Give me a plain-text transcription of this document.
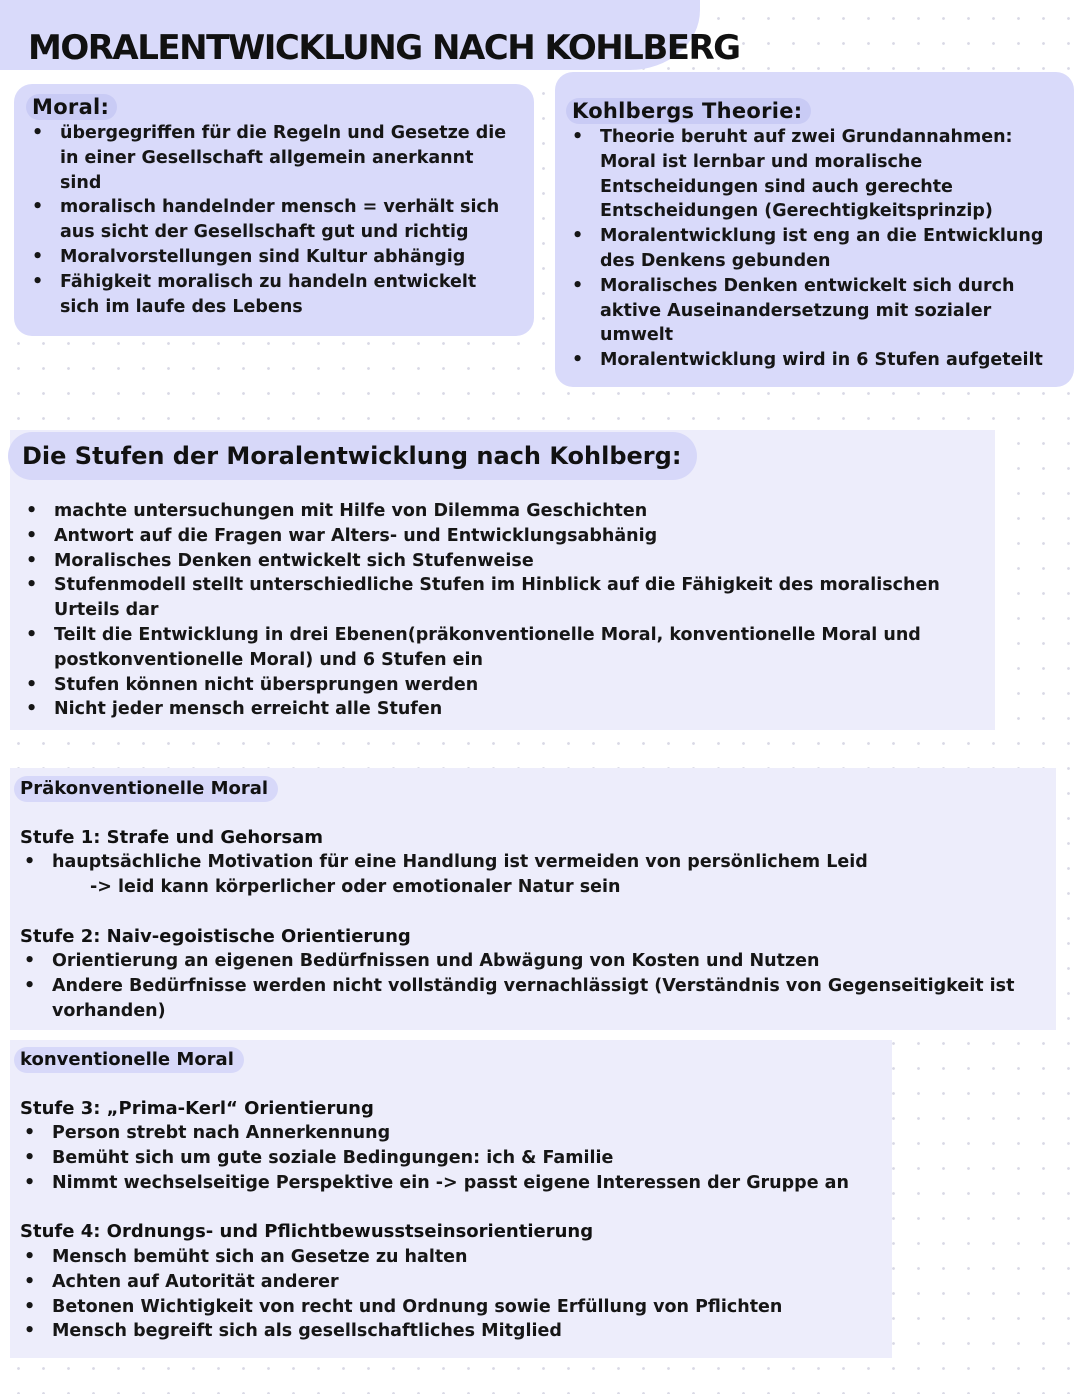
MORALENTWICKLUNG NACH KOHLBERG
Moral:
• übergegriffen für die Regeln und Gesetze die in einer Gesellschaft allgemein anerkannt sind
• moralisch handelnder mensch = verhält sich aus sicht der Gesellschaft gut und richtig
• Moralvorstellungen sind Kultur abhängig
• Fähigkeit moralisch zu handeln entwickelt sich im laufe des Lebens
Kohlbergs Theorie:
• Theorie beruht auf zwei Grundannahmen: Moral ist lernbar und moralische Entscheidungen sind auch gerechte Entscheidungen (Gerechtigkeitsprinzip)
• Moralentwicklung ist eng an die Entwicklung des Denkens gebunden
• Moralisches Denken entwickelt sich durch aktive Auseinandersetzung mit sozialer umwelt
• Moralentwicklung wird in 6 Stufen aufgeteilt
Die Stufen der Moralentwicklung nach Kohlberg:
• machte untersuchungen mit Hilfe von Dilemma Geschichten
• Antwort auf die Fragen war Alters- und Entwicklungsabhänig
• Moralisches Denken entwickelt sich Stufenweise
• Stufenmodell stellt unterschiedliche Stufen im Hinblick auf die Fähigkeit des moralischen Urteils dar
• Teilt die Entwicklung in drei Ebenen(präkonventionelle Moral, konventionelle Moral und postkonventionelle Moral) und 6 Stufen ein
• Stufen können nicht übersprungen werden
• Nicht jeder mensch erreicht alle Stufen
Präkonventionelle Moral
Stufe 1: Strafe und Gehorsam
• hauptsächliche Motivation für eine Handlung ist vermeiden von persönlichem Leid
-> leid kann körperlicher oder emotionaler Natur sein
Stufe 2: Naiv-egoistische Orientierung
• Orientierung an eigenen Bedürfnissen und Abwägung von Kosten und Nutzen
• Andere Bedürfnisse werden nicht vollständig vernachlässigt (Verständnis von Gegenseitigkeit ist vorhanden)
konventionelle Moral
Stufe 3: „Prima-Kerl“ Orientierung
• Person strebt nach Annerkennung
• Bemüht sich um gute soziale Bedingungen: ich & Familie
• Nimmt wechselseitige Perspektive ein -> passt eigene Interessen der Gruppe an
Stufe 4: Ordnungs- und Pflichtbewusstseinsorientierung
• Mensch bemüht sich an Gesetze zu halten
• Achten auf Autorität anderer
• Betonen Wichtigkeit von recht und Ordnung sowie Erfüllung von Pflichten
• Mensch begreift sich als gesellschaftliches Mitglied
